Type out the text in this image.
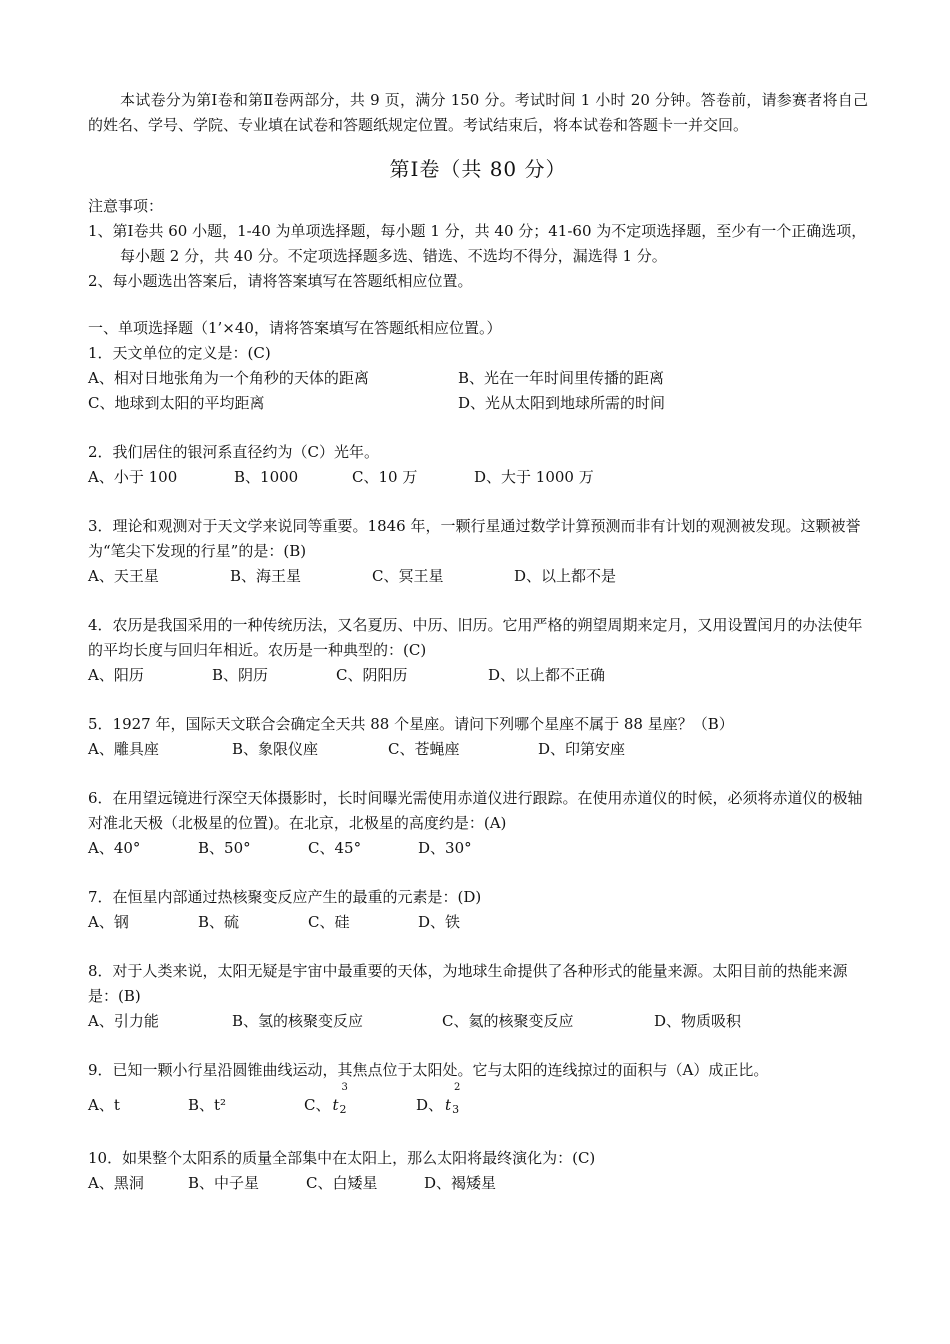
本试卷分为第Ⅰ卷和第Ⅱ卷两部分，共 9 页，满分 150 分。考试时间 1 小时 20 分钟。答卷前，请参赛者将自己的姓名、学号、学院、专业填在试卷和答题纸规定位置。考试结束后，将本试卷和答题卡一并交回。

第Ⅰ卷（共 80 分）

注意事项：

1、第Ⅰ卷共 60 小题，1-40 为单项选择题，每小题 1 分，共 40 分；41-60 为不定项选择题，至少有一个正确选项，每小题 2 分，共 40 分。不定项选择题多选、错选、不选均不得分，漏选得 1 分。

2、每小题选出答案后，请将答案填写在答题纸相应位置。

一、单项选择题（1’×40，请将答案填写在答题纸相应位置。）

1．天文单位的定义是：(C)

A、相对日地张角为一个角秒的天体的距离	B、光在一年时间里传播的距离
C、地球到太阳的平均距离	D、光从太阳到地球所需的时间

2．我们居住的银河系直径约为（C）光年。

A、小于 100	B、1000	C、10 万	D、大于 1000 万

3．理论和观测对于天文学来说同等重要。1846 年，一颗行星通过数学计算预测而非有计划的观测被发现。这颗被誉为“笔尖下发现的行星”的是：(B)

A、天王星	B、海王星	C、冥王星	D、以上都不是

4．农历是我国采用的一种传统历法，又名夏历、中历、旧历。它用严格的朔望周期来定月，又用设置闰月的办法使年的平均长度与回归年相近。农历是一种典型的：(C)

A、阳历	B、阴历	C、阴阳历	D、以上都不正确

5．1927 年，国际天文联合会确定全天共 88 个星座。请问下列哪个星座不属于 88 星座？（B）

A、雕具座	B、象限仪座	C、苍蝇座	D、印第安座

6．在用望远镜进行深空天体摄影时，长时间曝光需使用赤道仪进行跟踪。在使用赤道仪的时候，必须将赤道仪的极轴对准北天极（北极星的位置)。在北京，北极星的高度约是：(A)

A、40°	B、50°	C、45°	D、30°

7．在恒星内部通过热核聚变反应产生的最重的元素是：(D)

A、钢	B、硫	C、硅	D、铁

8．对于人类来说，太阳无疑是宇宙中最重要的天体，为地球生命提供了各种形式的能量来源。太阳目前的热能来源是：(B)

A、引力能	B、氢的核聚变反应	C、氦的核聚变反应	D、物质吸积

9．已知一颗小行星沿圆锥曲线运动，其焦点位于太阳处。它与太阳的连线掠过的面积与（A）成正比。

A、t	B、t²	C、 t
3
$_2$	D、 t
2
$_3$

10．如果整个太阳系的质量全部集中在太阳上，那么太阳将最终演化为：(C)

A、黑洞	B、中子星	C、白矮星	D、褐矮星
